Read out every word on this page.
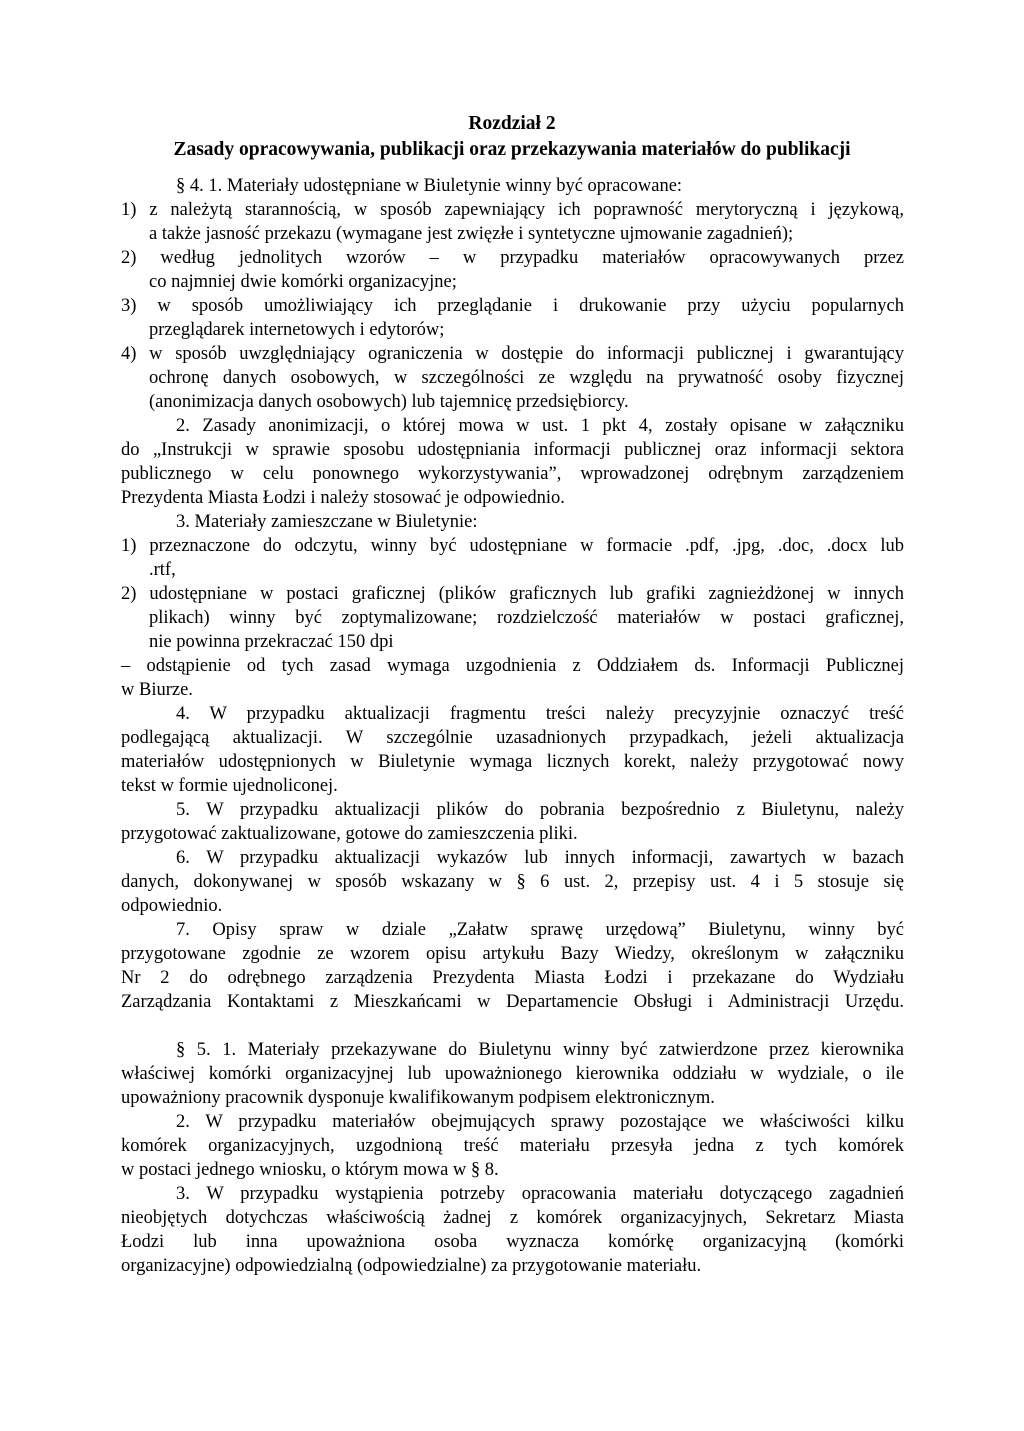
Rozdział 2
Zasady opracowywania, publikacji oraz przekazywania materiałów do publikacji
§ 4. 1. Materiały udostępniane w Biuletynie winny być opracowane:
1) z należytą starannością, w sposób zapewniający ich poprawność merytoryczną i językową,
a także jasność przekazu (wymagane jest zwięzłe i syntetyczne ujmowanie zagadnień);
2) według jednolitych wzorów – w przypadku materiałów opracowywanych przez
co najmniej dwie komórki organizacyjne;
3) w sposób umożliwiający ich przeglądanie i drukowanie przy użyciu popularnych
przeglądarek internetowych i edytorów;
4) w sposób uwzględniający ograniczenia w dostępie do informacji publicznej i gwarantujący
ochronę danych osobowych, w szczególności ze względu na prywatność osoby fizycznej
(anonimizacja danych osobowych) lub tajemnicę przedsiębiorcy.
2. Zasady anonimizacji, o której mowa w ust. 1 pkt 4, zostały opisane w załączniku
do „Instrukcji w sprawie sposobu udostępniania informacji publicznej oraz informacji sektora
publicznego w celu ponownego wykorzystywania”, wprowadzonej odrębnym zarządzeniem
Prezydenta Miasta Łodzi i należy stosować je odpowiednio.
3. Materiały zamieszczane w Biuletynie:
1) przeznaczone do odczytu, winny być udostępniane w formacie .pdf, .jpg, .doc, .docx lub
.rtf,
2) udostępniane w postaci graficznej (plików graficznych lub grafiki zagnieżdżonej w innych
plikach) winny być zoptymalizowane; rozdzielczość materiałów w postaci graficznej,
nie powinna przekraczać 150 dpi
– odstąpienie od tych zasad wymaga uzgodnienia z Oddziałem ds. Informacji Publicznej
w Biurze.
4. W przypadku aktualizacji fragmentu treści należy precyzyjnie oznaczyć treść
podlegającą aktualizacji. W szczególnie uzasadnionych przypadkach, jeżeli aktualizacja
materiałów udostępnionych w Biuletynie wymaga licznych korekt, należy przygotować nowy
tekst w formie ujednoliconej.
5. W przypadku aktualizacji plików do pobrania bezpośrednio z Biuletynu, należy
przygotować zaktualizowane, gotowe do zamieszczenia pliki.
6. W przypadku aktualizacji wykazów lub innych informacji, zawartych w bazach
danych, dokonywanej w sposób wskazany w § 6 ust. 2, przepisy ust. 4 i 5 stosuje się
odpowiednio.
7. Opisy spraw w dziale „Załatw sprawę urzędową” Biuletynu, winny być
przygotowane zgodnie ze wzorem opisu artykułu Bazy Wiedzy, określonym w załączniku
Nr 2 do odrębnego zarządzenia Prezydenta Miasta Łodzi i przekazane do Wydziału
Zarządzania Kontaktami z Mieszkańcami w Departamencie Obsługi i Administracji Urzędu.
§ 5. 1. Materiały przekazywane do Biuletynu winny być zatwierdzone przez kierownika
właściwej komórki organizacyjnej lub upoważnionego kierownika oddziału w wydziale, o ile
upoważniony pracownik dysponuje kwalifikowanym podpisem elektronicznym.
2. W przypadku materiałów obejmujących sprawy pozostające we właściwości kilku
komórek organizacyjnych, uzgodnioną treść materiału przesyła jedna z tych komórek
w postaci jednego wniosku, o którym mowa w § 8.
3. W przypadku wystąpienia potrzeby opracowania materiału dotyczącego zagadnień
nieobjętych dotychczas właściwością żadnej z komórek organizacyjnych, Sekretarz Miasta
Łodzi lub inna upoważniona osoba wyznacza komórkę organizacyjną (komórki
organizacyjne) odpowiedzialną (odpowiedzialne) za przygotowanie materiału.
